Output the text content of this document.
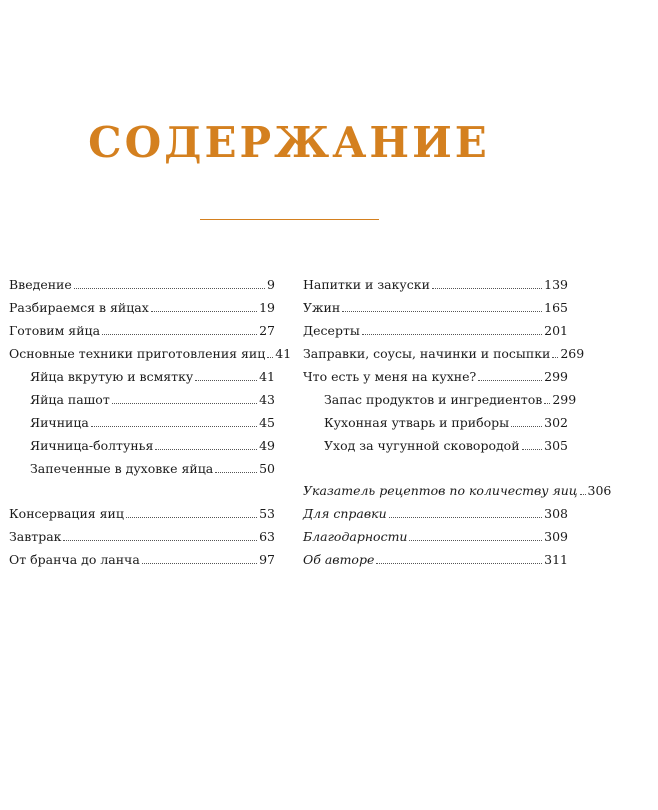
СОДЕРЖАНИЕ
Введение	9
Разбираемся в яйцах	19
Готовим яйца	27
Основные техники приготовления яиц 41
Яйца вкрутую и всмятку	41
Яйца пашот	43
Яичница	45
Яичница-болтунья	49
Запеченные в духовке яйца	50
Консервация яиц	53
Завтрак	63
От бранча до ланча	97
Напитки и закуски	139
Ужин	165
Десерты	201
Заправки, соусы, начинки и посыпки 269
Что есть у меня на кухне?	299
Запас продуктов и ингредиентов 299
Кухонная утварь и приборы	302
Уход за чугунной сковородой 305
Указатель рецептов по количеству яиц 306
Для справки	308
Благодарности	309
Об авторе	311
